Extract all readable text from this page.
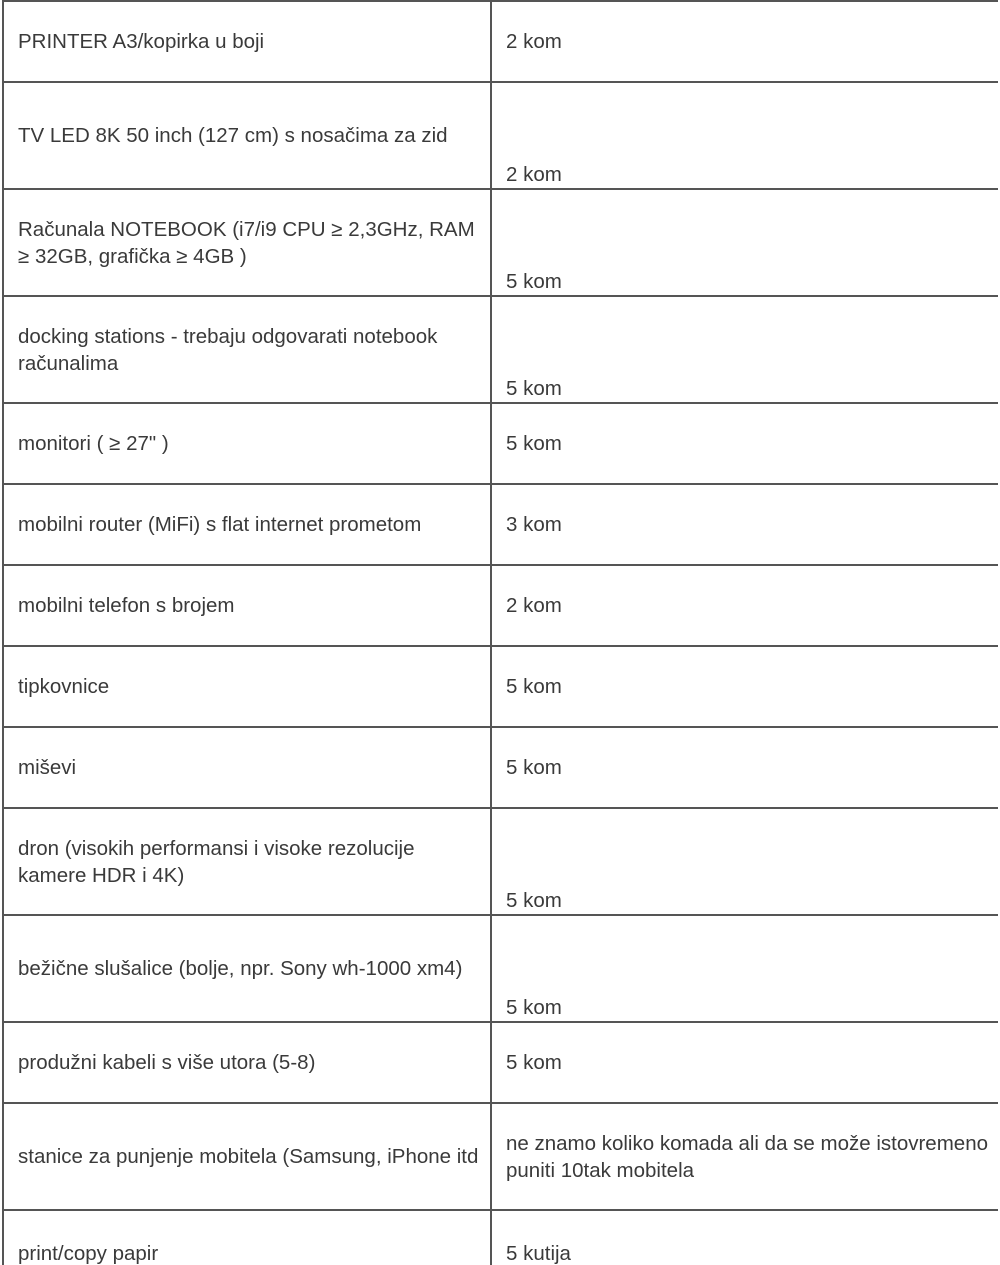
PRINTER A3/kopirka u boji	2 kom
TV LED 8K 50 inch (127 cm) s nosačima za zid	2 kom
Računala NOTEBOOK (i7/i9 CPU ≥ 2,3GHz, RAM ≥ 32GB, grafička ≥ 4GB )	5 kom
docking stations - trebaju odgovarati notebook računalima	5 kom
monitori ( ≥ 27" )	5 kom
mobilni router (MiFi) s flat internet prometom	3 kom
mobilni telefon s brojem	2 kom
tipkovnice	5 kom
miševi	5 kom
dron (visokih performansi i visoke rezolucije kamere HDR i 4K)	5 kom
bežične slušalice (bolje, npr. Sony wh-1000 xm4)	5 kom
produžni kabeli s više utora (5-8)	5 kom
stanice za punjenje mobitela (Samsung, iPhone itd	ne znamo koliko komada ali da se može istovremeno puniti 10tak mobitela
print/copy papir	5 kutija
